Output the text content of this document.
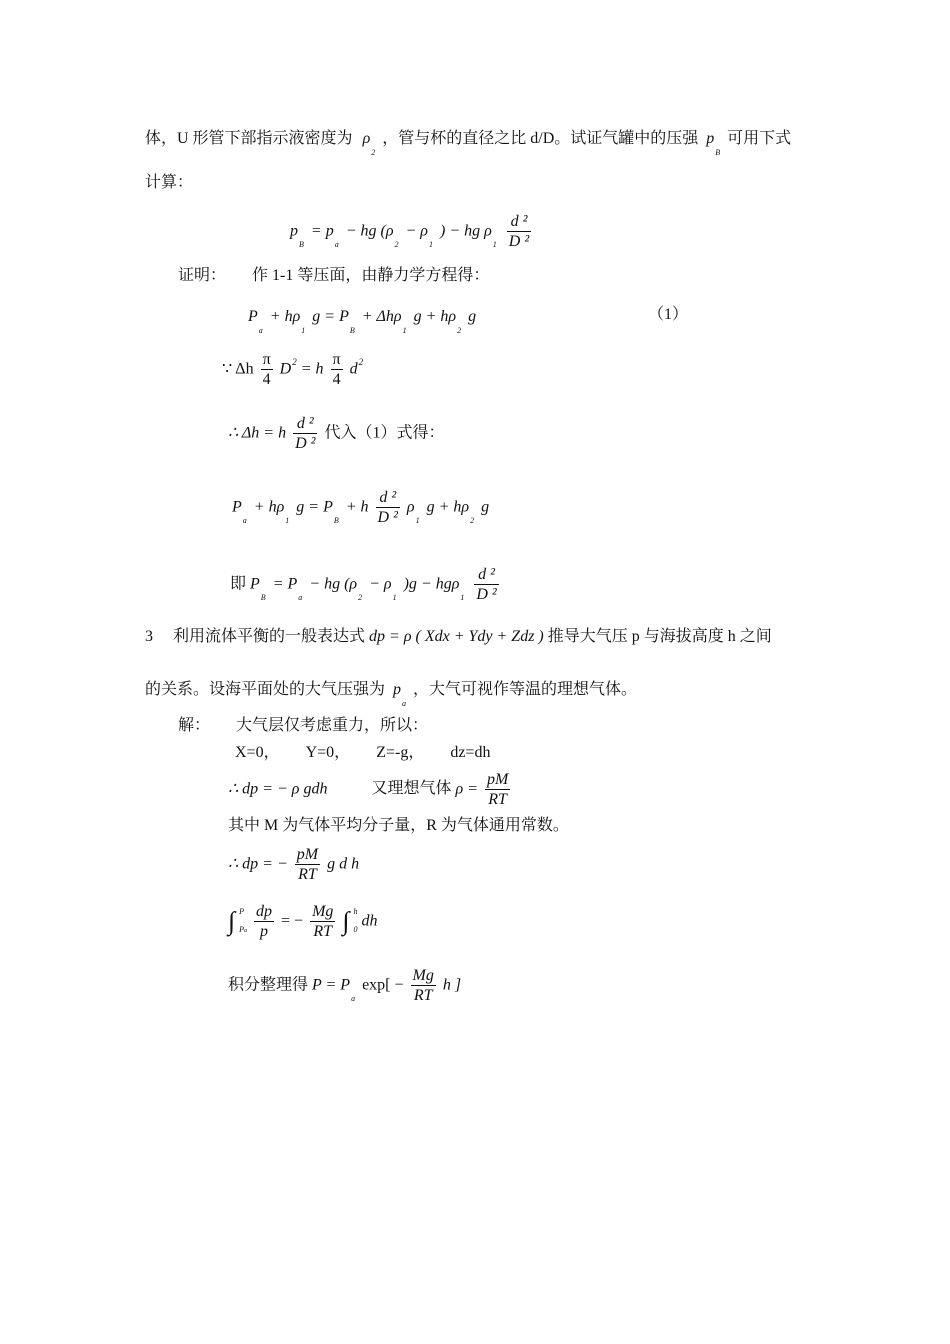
体，U 形管下部指示液密度为 $\rho_2$ ，管与杯的直径之比 d/D。试证气罐中的压强 $p_B$ 可用下式
计算：
$p_B = p_a$ − hg ($\rho_2 - \rho_1$ ) − hg $\rho_1 \frac{\text{d ²}}{\text{D ²}}$
证明： 作 1-1 等压面，由静力学方程得：
$P_a + h\rho_1$ $g = P_B + \Delta h\rho_1$ $g + h\rho_2$ g	（1）
∵ Δh $\frac{\pi}{4} D^2 = h \frac{\pi}{4} d^2$
∴ Δh = h $\frac{\text{d ²}}{\text{D ²}}$ 代入（1）式得：
$P_a + h\rho_1$ $g = P_B + h \frac{\text{d ²}}{\text{D ²}} \rho_1$ $g + h\rho_2$ g
即 $P_B = P_a$ − hg ($\rho_2 - \rho_1$ )$g - hg\rho_1 \frac{\text{d ²}}{\text{D ²}}$
3 利用流体平衡的一般表达式 dp = ρ ( Xdx + Ydy + Zdz ) 推导大气压 p 与海拔高度 h 之间
的关系。设海平面处的大气压强为 $p_a$ ，大气可视作等温的理想气体。
解： 大气层仅考虑重力，所以：
X=0， Y=0， Z=-g， dz=dh
∴ dp = − ρ gdh	又理想气体 $\rho = \frac{pM}{RT}$
其中 M 为气体平均分子量，R 为气体通用常数。
∴ dp = − $\frac{pM}{RT}$ g d h
∫ P

Pa $\frac{dp}{p}$ = − $\frac{Mg}{RT}$ ∫ h

0 dh
积分整理得 $P = P_a$ $\exp[ - \frac{Mg}{RT}$ h ]
